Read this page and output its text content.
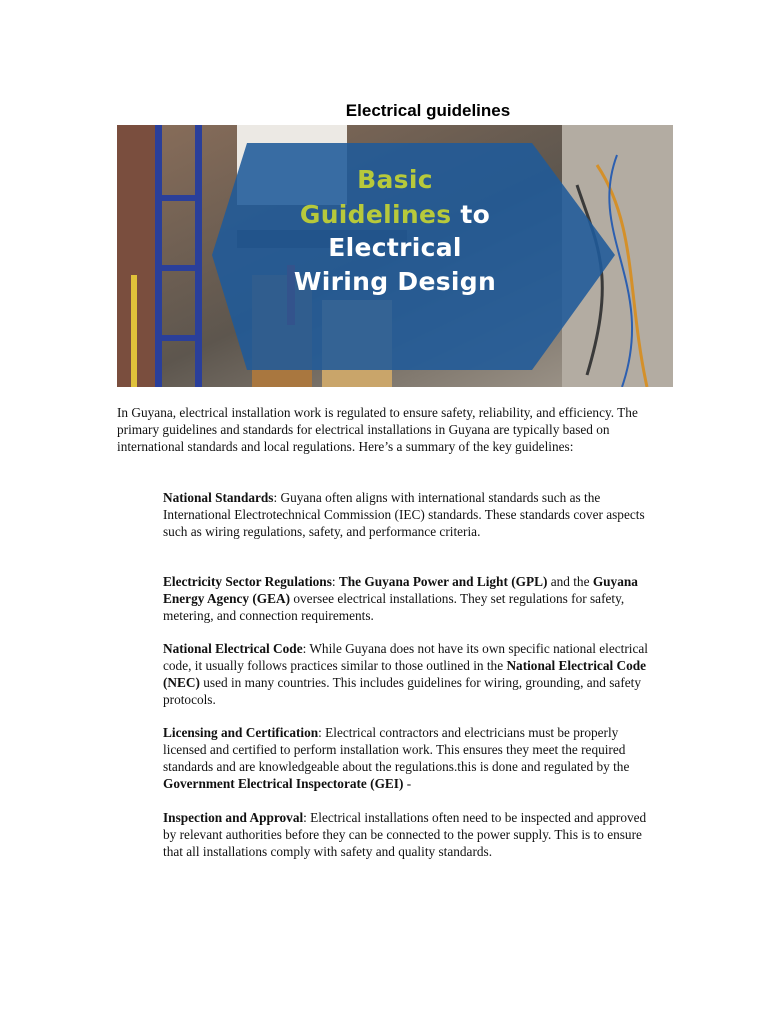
Electrical guidelines
Basic
Guidelines to
Electrical
Wiring Design
In Guyana, electrical installation work is regulated to ensure safety, reliability, and efficiency. The primary guidelines and standards for electrical installations in Guyana are typically based on international standards and local regulations. Here’s a summary of the key guidelines:
National Standards: Guyana often aligns with international standards such as the International Electrotechnical Commission (IEC) standards. These standards cover aspects such as wiring regulations, safety, and performance criteria.
Electricity Sector Regulations: The Guyana Power and Light (GPL) and the Guyana Energy Agency (GEA) oversee electrical installations. They set regulations for safety, metering, and connection requirements.
National Electrical Code: While Guyana does not have its own specific national electrical code, it usually follows practices similar to those outlined in the National Electrical Code (NEC) used in many countries. This includes guidelines for wiring, grounding, and safety protocols.
Licensing and Certification: Electrical contractors and electricians must be properly licensed and certified to perform installation work. This ensures they meet the required standards and are knowledgeable about the regulations.this is done and regulated by the Government Electrical Inspectorate (GEI) -
Inspection and Approval: Electrical installations often need to be inspected and approved by relevant authorities before they can be connected to the power supply. This is to ensure that all installations comply with safety and quality standards.
